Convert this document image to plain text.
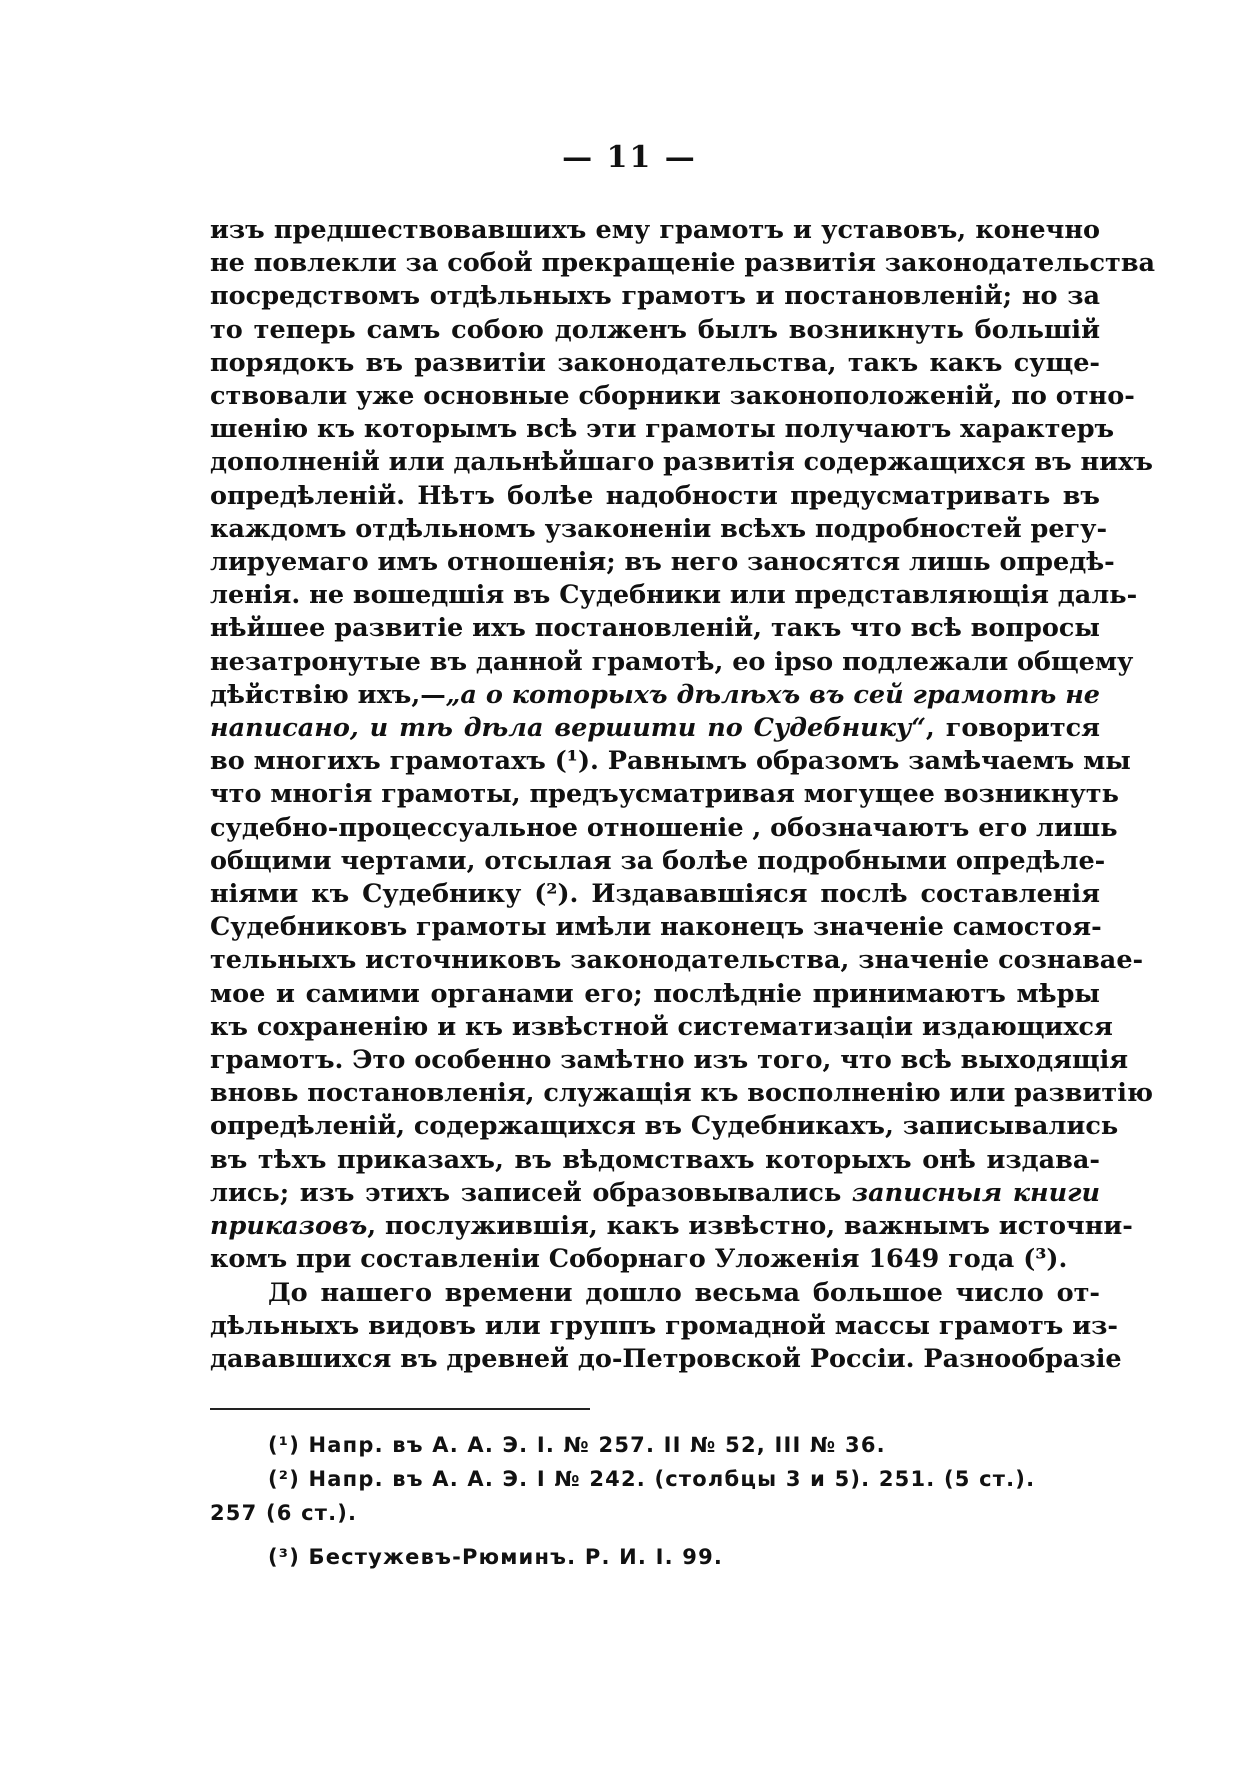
— 11 —
изъ предшествовавшихъ ему грамотъ и уставовъ, конечно
не повлекли за собой прекращенiе развитiя законодательства
посредствомъ отдѣльныхъ грамотъ и постановленiй; но за
то теперь самъ собою долженъ былъ возникнуть большiй
порядокъ въ развитiи законодательства, такъ какъ суще-
ствовали уже основные сборники законоположенiй, по отно-
шенiю къ которымъ всѣ эти грамоты получаютъ характеръ
дополненiй или дальнѣйшаго развитiя содержащихся въ нихъ
опредѣленiй. Нѣтъ болѣе надобности предусматривать въ
каждомъ отдѣльномъ узаконенiи всѣхъ подробностей регу-
лируемаго имъ отношенiя; въ него заносятся лишь опредѣ-
ленiя. не вошедшiя въ Судебники или представляющiя даль-
нѣйшее развитiе ихъ постановленiй, такъ что всѣ вопросы
незатронутые въ данной грамотѣ, eo ipso подлежали общему
дѣйствiю ихъ,—„а о которыхъ дѣлѣхъ въ сей грамотѣ не
написано, и тѣ дѣла вершити по Судебнику“, говорится
во многихъ грамотахъ (¹). Равнымъ образомъ замѣчаемъ мы
что многiя грамоты, предъусматривая могущее возникнуть
судебно-процессуальное отношенiе , обозначаютъ его лишь
общими чертами, отсылая за болѣе подробными опредѣле-
нiями къ Судебнику (²). Издававшiяся послѣ составленiя
Судебниковъ грамоты имѣли наконецъ значенiе самостоя-
тельныхъ источниковъ законодательства, значенiе сознавае-
мое и самими органами его; послѣднiе принимаютъ мѣры
къ сохраненiю и къ извѣстной систематизацiи издающихся
грамотъ. Это особенно замѣтно изъ того, что всѣ выходящiя
вновь постановленiя, служащiя къ восполненiю или развитiю
опредѣленiй, содержащихся въ Судебникахъ, записывались
въ тѣхъ приказахъ, въ вѣдомствахъ которыхъ онѣ издава-
лись; изъ этихъ записей образовывались записныя книги
приказовъ, послужившiя, какъ извѣстно, важнымъ источни-
комъ при составленiи Соборнаго Уложенiя 1649 года (³).
До нашего времени дошло весьма большое число от-
дѣльныхъ видовъ или группъ громадной массы грамотъ из-
дававшихся въ древней до-Петровской Россiи. Разнообразiе
(¹) Напр. въ А. А. Э. I. № 257. II № 52, III № 36.
(²) Напр. въ А. А. Э. I № 242. (столбцы 3 и 5). 251. (5 ст.).
257 (6 ст.).
(³) Бестужевъ-Рюминъ. Р. И. I. 99.
